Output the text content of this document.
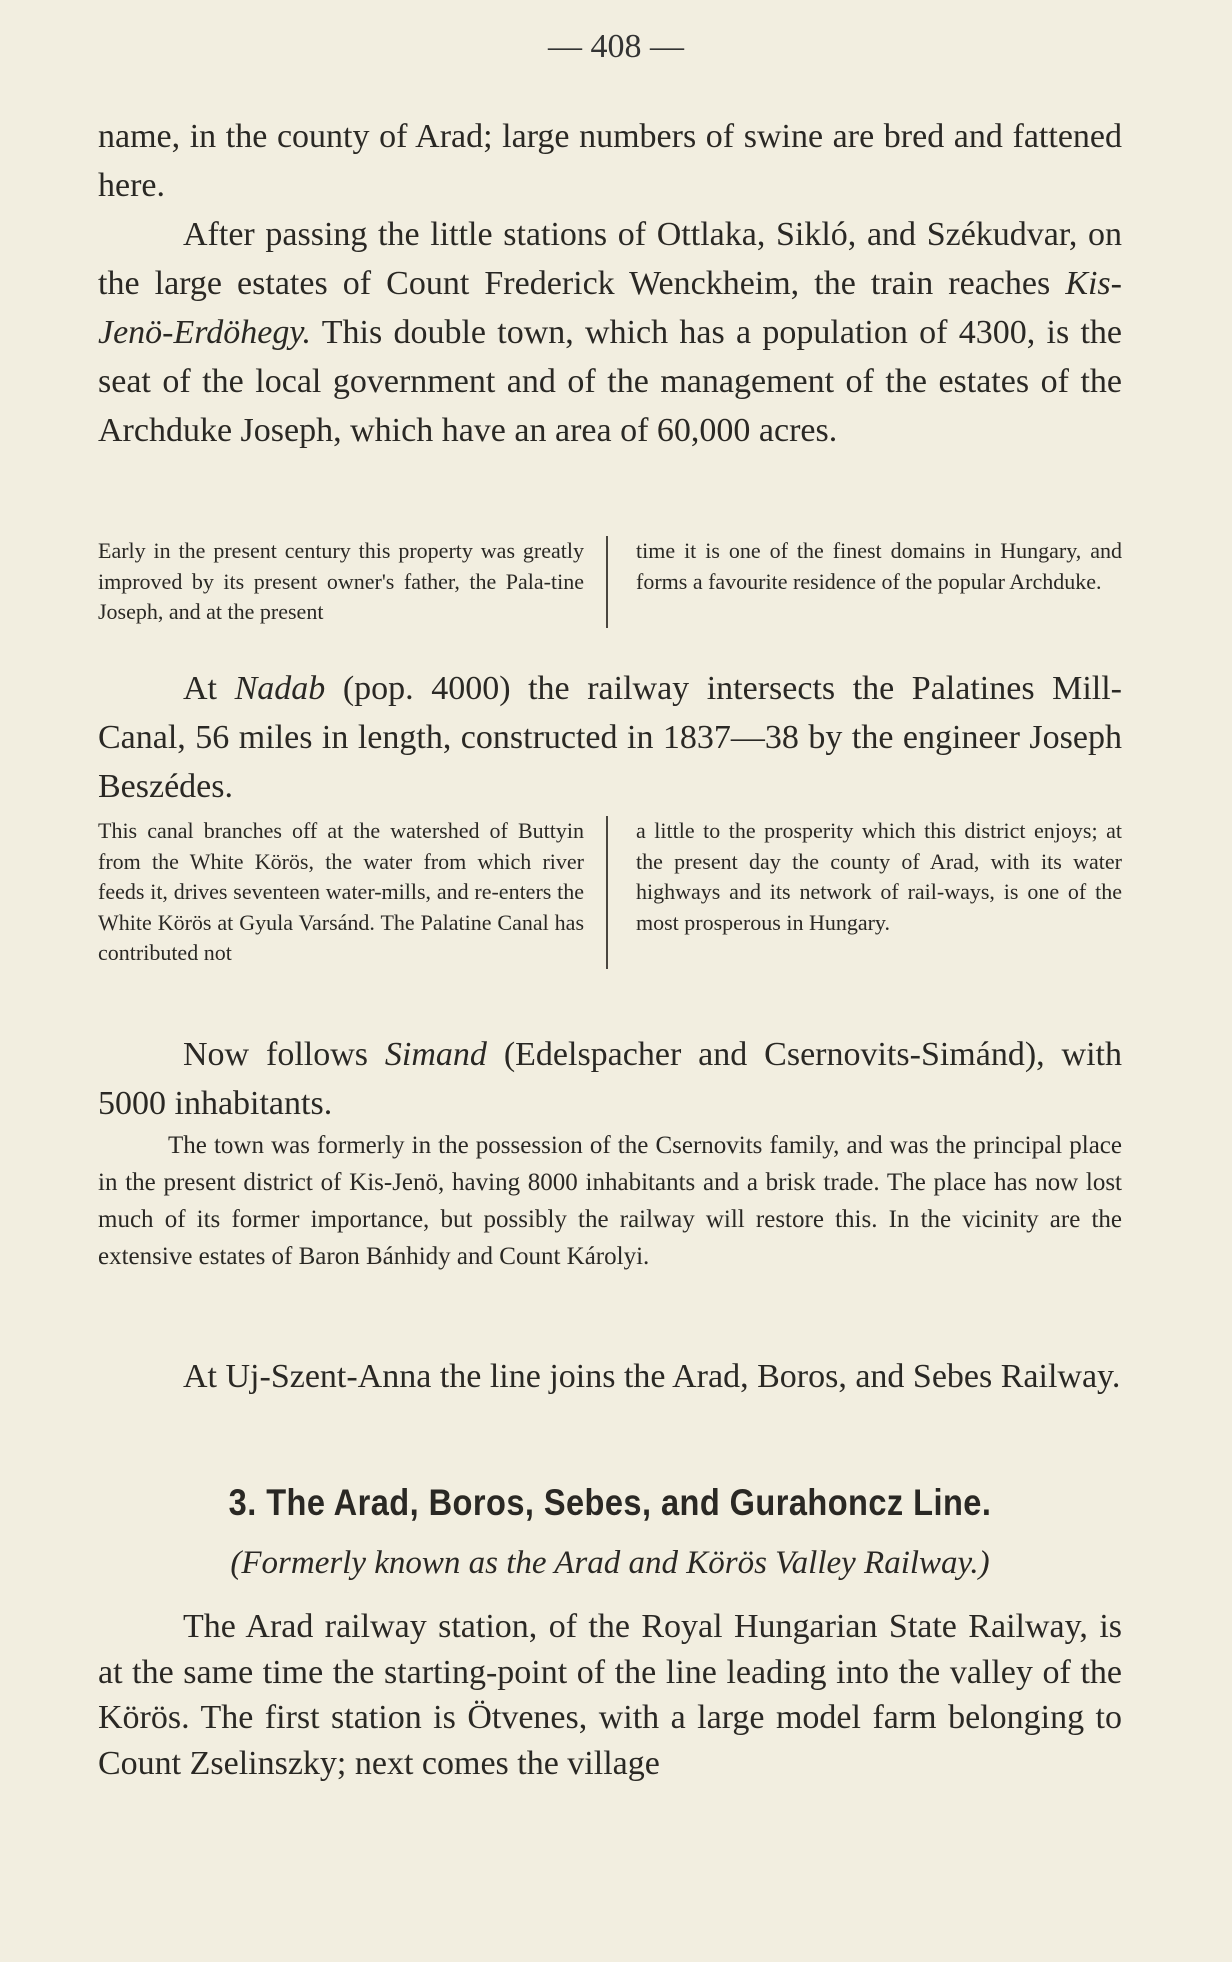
— 408 —

name, in the county of Arad; large numbers of swine are bred and fattened here.

After passing the little stations of Ottlaka, Sikló, and Székudvar, on the large estates of Count Frederick Wenckheim, the train reaches Kis-Jenö-Erdöhegy. This double town, which has a population of 4300, is the seat of the local government and of the management of the estates of the Archduke Joseph, which have an area of 60,000 acres.

Early in the present century this property was greatly improved by its present owner's father, the Pala-tine Joseph, and at the present
time it is one of the finest domains in Hungary, and forms a favourite residence of the popular Archduke.

At Nadab (pop. 4000) the railway intersects the Palatines Mill-Canal, 56 miles in length, constructed in 1837—38 by the engineer Joseph Beszédes.

This canal branches off at the watershed of Buttyin from the White Körös, the water from which river feeds it, drives seventeen water-mills, and re-enters the White Körös at Gyula Varsánd. The Palatine Canal has contributed not
a little to the prosperity which this district enjoys; at the present day the county of Arad, with its water highways and its network of rail-ways, is one of the most prosperous in Hungary.

Now follows Simand (Edelspacher and Csernovits-Simánd), with 5000 inhabitants.

The town was formerly in the possession of the Csernovits family, and was the principal place in the present district of Kis-Jenö, having 8000 inhabitants and a brisk trade. The place has now lost much of its former importance, but possibly the railway will restore this. In the vicinity are the extensive estates of Baron Bánhidy and Count Károlyi.

At Uj-Szent-Anna the line joins the Arad, Boros, and Sebes Railway.

3. The Arad, Boros, Sebes, and Gurahoncz Line.
(Formerly known as the Arad and Körös Valley Railway.)

The Arad railway station, of the Royal Hungarian State Railway, is at the same time the starting-point of the line leading into the valley of the Körös. The first station is Ötvenes, with a large model farm belonging to Count Zselinszky; next comes the village
